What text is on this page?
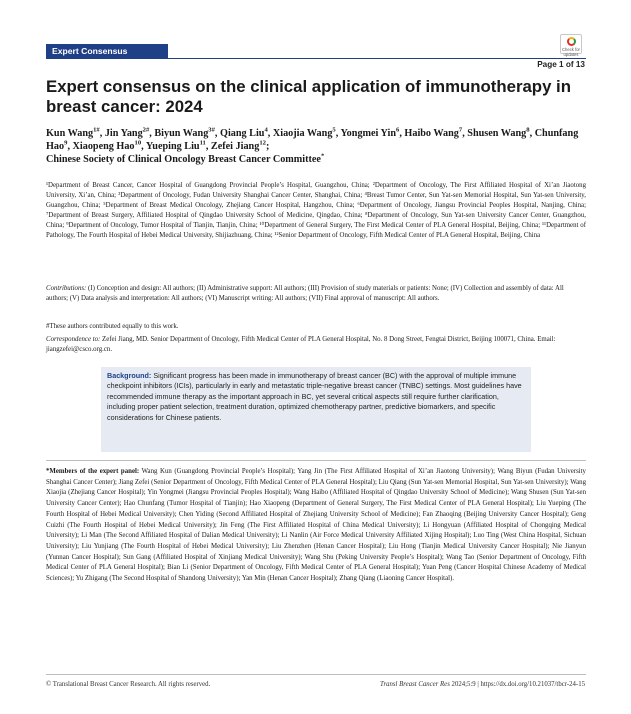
Expert Consensus	Check for updates
Page 1 of 13
Expert consensus on the clinical application of immunotherapy in breast cancer: 2024

Kun Wang$^{1\#}$, Jin Yang$^{2\#}$, Biyun Wang$^{3\#}$, Qiang Liu$^4$, Xiaojia Wang$^5$, Yongmei Yin$^6$, Haibo Wang$^7$, Shusen Wang$^8$, Chunfang Hao$^9$, Xiaopeng Hao$^{10}$, Yueping Liu$^{11}$, Zefei Jiang$^{12}$;
Chinese Society of Clinical Oncology Breast Cancer Committee*

¹Department of Breast Cancer, Cancer Hospital of Guangdong Provincial People’s Hospital, Guangzhou, China; ²Department of Oncology, The First Affiliated Hospital of Xi’an Jiaotong University, Xi’an, China; ³Department of Oncology, Fudan University Shanghai Cancer Center, Shanghai, China; ⁴Breast Tumor Center, Sun Yat-sen Memorial Hospital, Sun Yat-sen University, Guangzhou, China; ⁵Department of Breast Medical Oncology, Zhejiang Cancer Hospital, Hangzhou, China; ⁶Department of Oncology, Jiangsu Provincial Peoples Hospital, Nanjing, China; ⁷Department of Breast Surgery, Affiliated Hospital of Qingdao University School of Medicine, Qingdao, China; ⁸Department of Oncology, Sun Yat-sen University Cancer Center, Guangzhou, China; ⁹Department of Oncology, Tumor Hospital of Tianjin, Tianjin, China; ¹⁰Department of General Surgery, The First Medical Center of PLA General Hospital, Beijing, China; ¹¹Department of Pathology, The Fourth Hospital of Hebei Medical University, Shijiazhuang, China; ¹²Senior Department of Oncology, Fifth Medical Center of PLA General Hospital, Beijing, China

Contributions: (I) Conception and design: All authors; (II) Administrative support: All authors; (III) Provision of study materials or patients: None; (IV) Collection and assembly of data: All authors; (V) Data analysis and interpretation: All authors; (VI) Manuscript writing: All authors; (VII) Final approval of manuscript: All authors.

#These authors contributed equally to this work.

Correspondence to: Zefei Jiang, MD. Senior Department of Oncology, Fifth Medical Center of PLA General Hospital, No. 8 Dong Street, Fengtai District, Beijing 100071, China. Email: jiangzefei@csco.org.cn.

Background: Significant progress has been made in immunotherapy of breast cancer (BC) with the approval of multiple immune checkpoint inhibitors (ICIs), particularly in early and metastatic triple-negative breast cancer (TNBC) settings. Most guidelines have recommended immune therapy as the important approach in BC, yet several critical aspects still require further clarification, including proper patient selection, treatment duration, optimized chemotherapy partner, predictive biomarkers, and specific considerations for Chinese patients.

*Members of the expert panel: Wang Kun (Guangdong Provincial People’s Hospital); Yang Jin (The First Affiliated Hospital of Xi’an Jiaotong University); Wang Biyun (Fudan University Shanghai Cancer Center); Jiang Zefei (Senior Department of Oncology, Fifth Medical Center of PLA General Hospital); Liu Qiang (Sun Yat-sen Memorial Hospital, Sun Yat-sen University); Wang Xiaojia (Zhejiang Cancer Hospital); Yin Yongmei (Jiangsu Provincial Peoples Hospital); Wang Haibo (Affiliated Hospital of Qingdao University School of Medicine); Wang Shusen (Sun Yat-sen University Cancer Center); Hao Chunfang (Tumor Hospital of Tianjin); Hao Xiaopeng (Department of General Surgery, The First Medical Center of PLA General Hospital); Liu Yueping (The Fourth Hospital of Hebei Medical University); Chen Yiding (Second Affiliated Hospital of Zhejiang University School of Medicine); Fan Zhaoqing (Beijing University Cancer Hospital); Geng Cuizhi (The Fourth Hospital of Hebei Medical University); Jin Feng (The First Affiliated Hospital of China Medical University); Li Hongyuan (Affiliated Hospital of Chongqing Medical University); Li Man (The Second Affiliated Hospital of Dalian Medical University); Li Nanlin (Air Force Medical University Affiliated Xijing Hospital); Luo Ting (West China Hospital, Sichuan University); Liu Yunjiang (The Fourth Hospital of Hebei Medical University); Liu Zhenzhen (Henan Cancer Hospital); Liu Hong (Tianjin Medical University Cancer Hospital); Nie Jianyun (Yunnan Cancer Hospital); Sun Gang (Affiliated Hospital of Xinjiang Medical University); Wang Shu (Peking University People’s Hospital); Wang Tao (Senior Department of Oncology, Fifth Medical Center of PLA General Hospital); Bian Li (Senior Department of Oncology, Fifth Medical Center of PLA General Hospital); Yuan Peng (Cancer Hospital Chinese Academy of Medical Sciences); Yu Zhigang (The Second Hospital of Shandong University); Yan Min (Henan Cancer Hospital); Zhang Qiang (Liaoning Cancer Hospital).

© Translational Breast Cancer Research. All rights reserved.	Transl Breast Cancer Res 2024;5:9 | https://dx.doi.org/10.21037/tbcr-24-15
